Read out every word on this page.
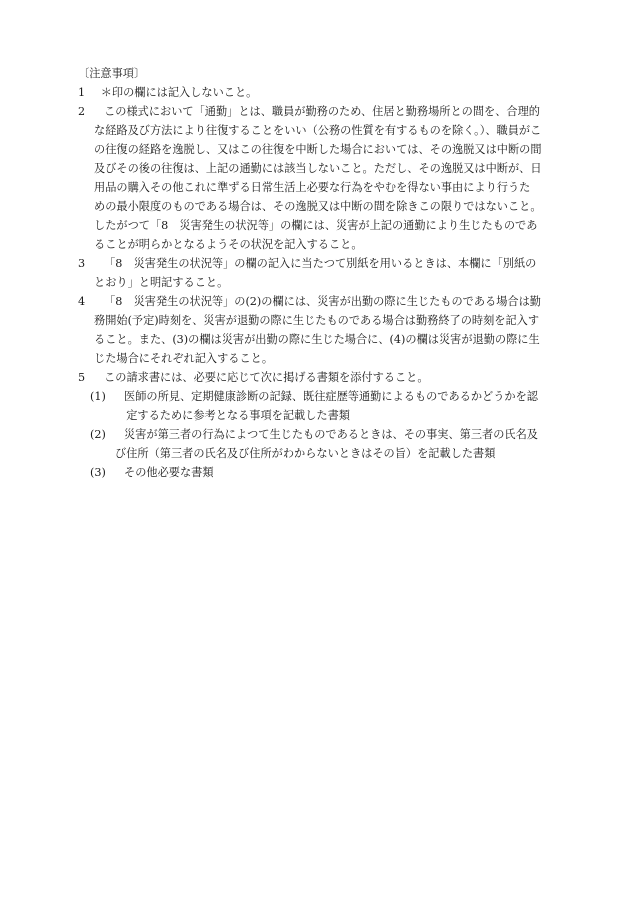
〔注意事項〕
1	＊印の欄には記入しないこと。
2	この様式において「通勤」とは、職員が勤務のため、住居と勤務場所との間を、合理的
な経路及び方法により往復することをいい（公務の性質を有するものを除く。）、職員がこ
の往復の経路を逸脱し、又はこの往復を中断した場合においては、その逸脱又は中断の間
及びその後の往復は、上記の通勤には該当しないこと。ただし、その逸脱又は中断が、日
用品の購入その他これに準ずる日常生活上必要な行為をやむを得ない事由により行うた
めの最小限度のものである場合は、その逸脱又は中断の間を除きこの限りではないこと。
したがつて「8　災害発生の状況等」の欄には、災害が上記の通勤により生じたものであ
ることが明らかとなるようその状況を記入すること。
3	「8　災害発生の状況等」の欄の記入に当たつて別紙を用いるときは、本欄に「別紙の
とおり」と明記すること。
4	「8　災害発生の状況等」の(2)の欄には、災害が出勤の際に生じたものである場合は勤
務開始(予定)時刻を、災害が退勤の際に生じたものである場合は勤務終了の時刻を記入す
ること。また、(3)の欄は災害が出勤の際に生じた場合に、(4)の欄は災害が退勤の際に生
じた場合にそれぞれ記入すること。
5	この請求書には、必要に応じて次に掲げる書類を添付すること。
(1)	医師の所見、定期健康診断の記録、既往症歴等通勤によるものであるかどうかを認
定するために参考となる事項を記載した書類
(2)	災害が第三者の行為によつて生じたものであるときは、その事実、第三者の氏名及
び住所（第三者の氏名及び住所がわからないときはその旨）を記載した書類
(3)	その他必要な書類
